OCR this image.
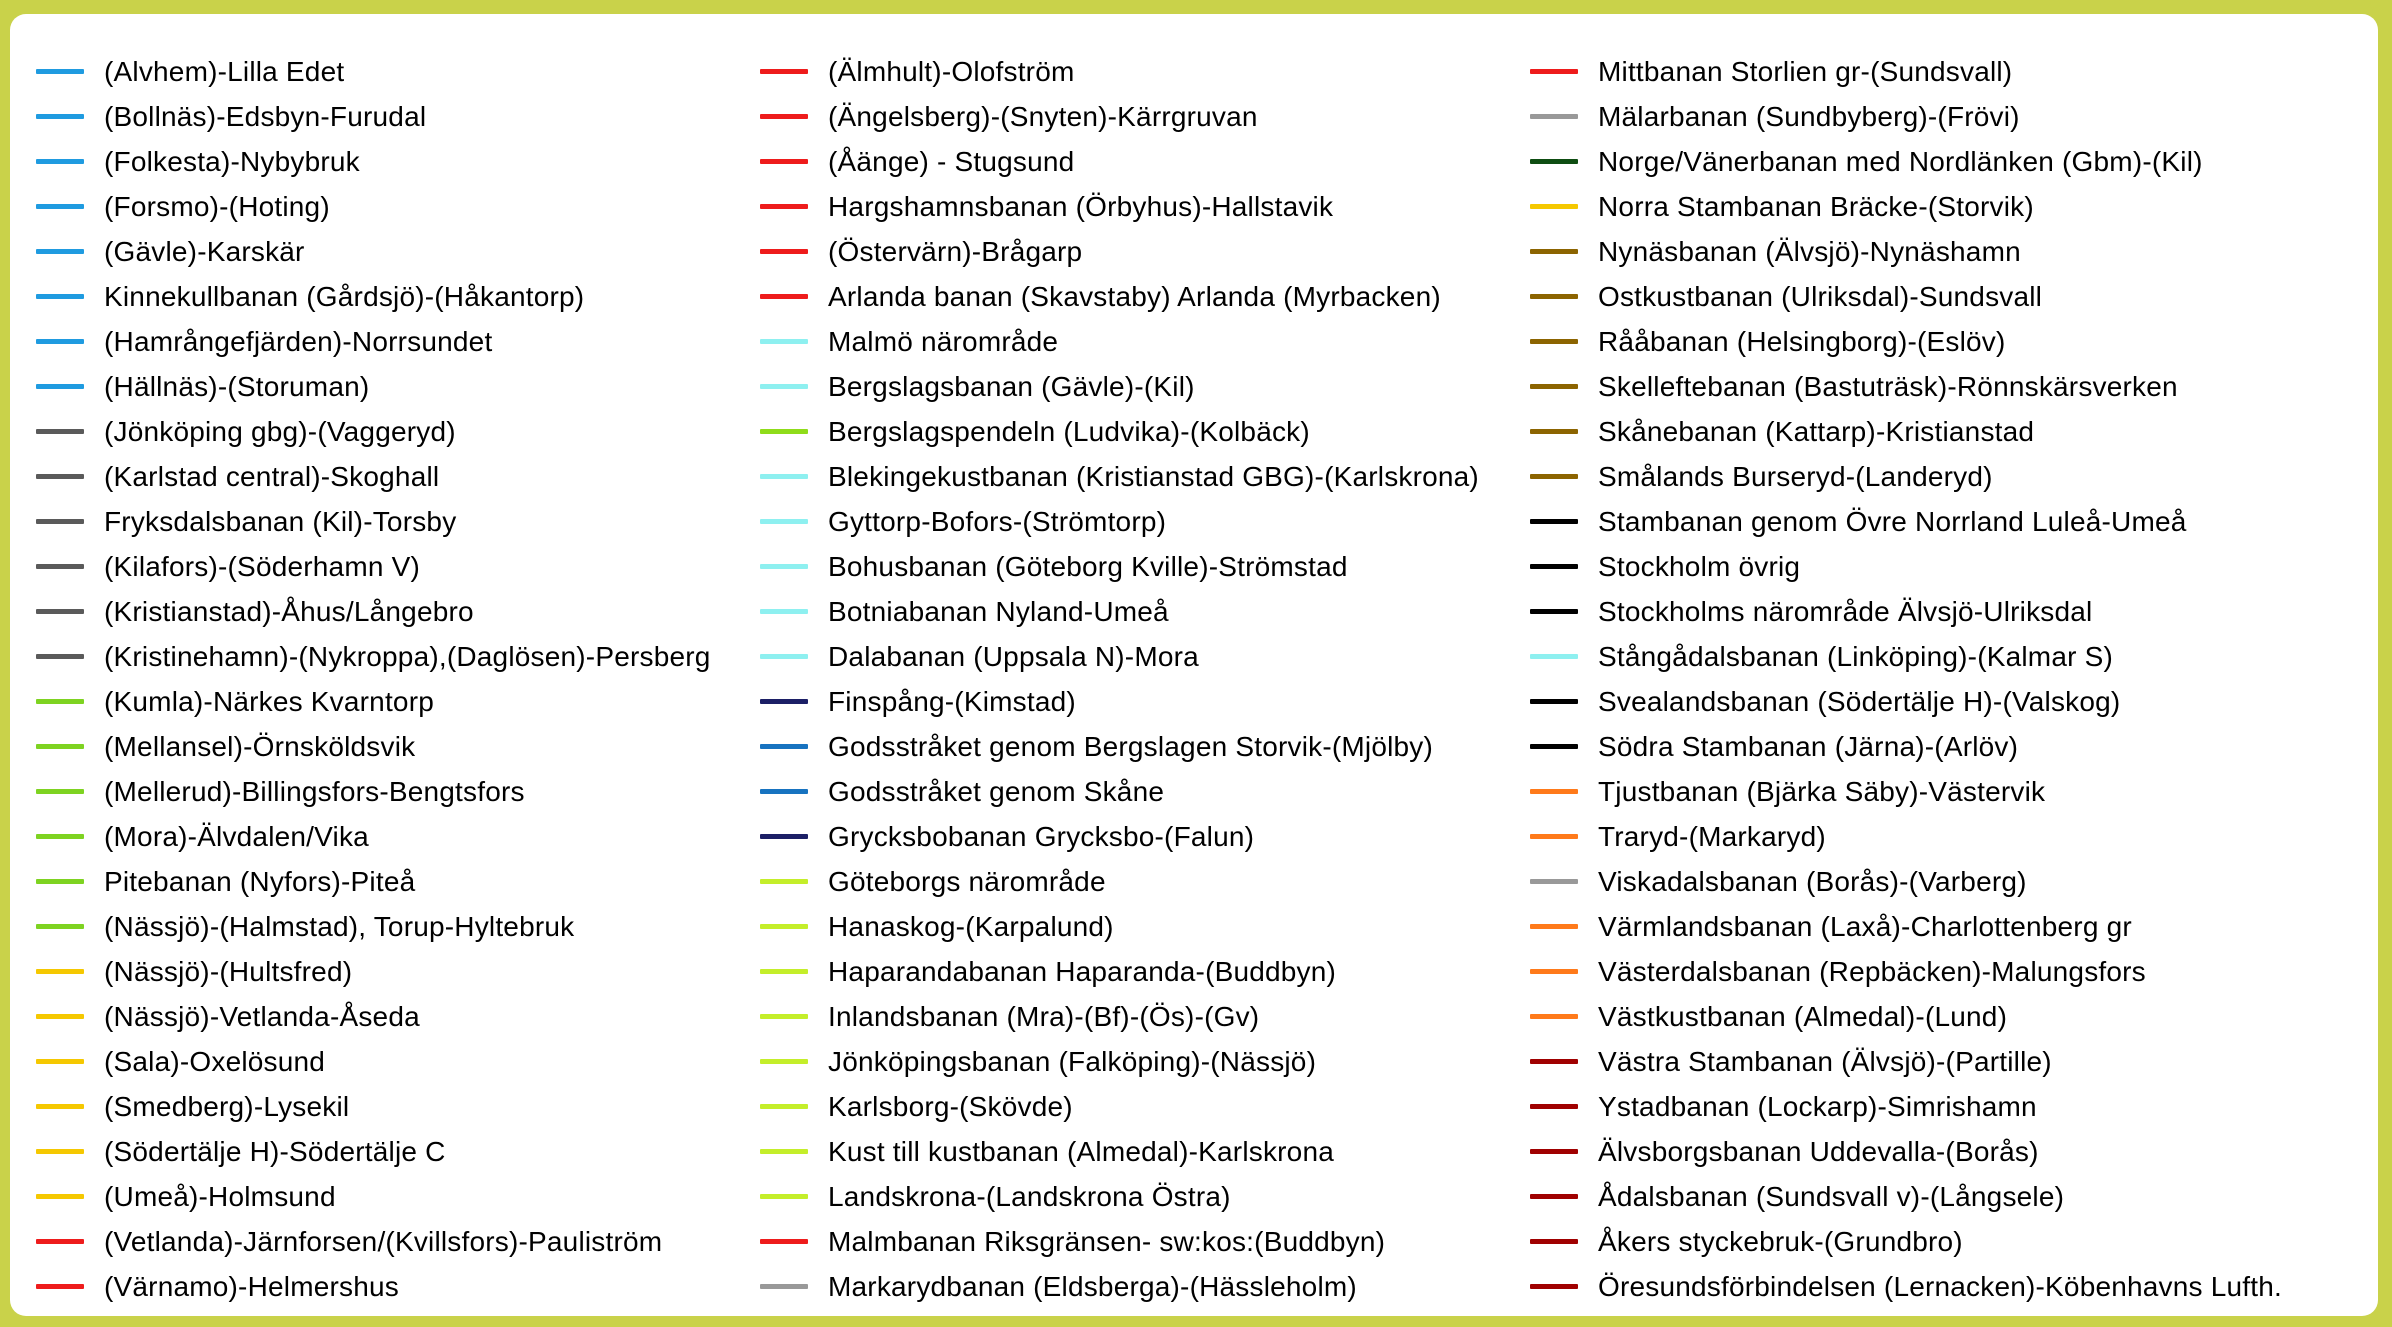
(Alvhem)-Lilla Edet
(Bollnäs)-Edsbyn-Furudal
(Folkesta)-Nybybruk
(Forsmo)-(Hoting)
(Gävle)-Karskär
Kinnekullbanan (Gårdsjö)-(Håkantorp)
(Hamrångefjärden)-Norrsundet
(Hällnäs)-(Storuman)
(Jönköping gbg)-(Vaggeryd)
(Karlstad central)-Skoghall
Fryksdalsbanan (Kil)-Torsby
(Kilafors)-(Söderhamn V)
(Kristianstad)-Åhus/Långebro
(Kristinehamn)-(Nykroppa),(Daglösen)-Persberg
(Kumla)-Närkes Kvarntorp
(Mellansel)-Örnsköldsvik
(Mellerud)-Billingsfors-Bengtsfors
(Mora)-Älvdalen/Vika
Pitebanan (Nyfors)-Piteå
(Nässjö)-(Halmstad), Torup-Hyltebruk
(Nässjö)-(Hultsfred)
(Nässjö)-Vetlanda-Åseda
(Sala)-Oxelösund
(Smedberg)-Lysekil
(Södertälje H)-Södertälje C
(Umeå)-Holmsund
(Vetlanda)-Järnforsen/(Kvillsfors)-Pauliström
(Värnamo)-Helmershus
(Älmhult)-Olofström
(Ängelsberg)-(Snyten)-Kärrgruvan
(Åänge) - Stugsund
Hargshamnsbanan (Örbyhus)-Hallstavik
(Östervärn)-Brågarp
Arlanda banan (Skavstaby) Arlanda (Myrbacken)
Malmö närområde
Bergslagsbanan (Gävle)-(Kil)
Bergslagspendeln (Ludvika)-(Kolbäck)
Blekingekustbanan (Kristianstad GBG)-(Karlskrona)
Gyttorp-Bofors-(Strömtorp)
Bohusbanan (Göteborg Kville)-Strömstad
Botniabanan Nyland-Umeå
Dalabanan (Uppsala N)-Mora
Finspång-(Kimstad)
Godsstråket genom Bergslagen Storvik-(Mjölby)
Godsstråket genom Skåne
Grycksbobanan Grycksbo-(Falun)
Göteborgs närområde
Hanaskog-(Karpalund)
Haparandabanan Haparanda-(Buddbyn)
Inlandsbanan (Mra)-(Bf)-(Ös)-(Gv)
Jönköpingsbanan (Falköping)-(Nässjö)
Karlsborg-(Skövde)
Kust till kustbanan (Almedal)-Karlskrona
Landskrona-(Landskrona Östra)
Malmbanan Riksgränsen- sw:kos:(Buddbyn)
Markarydbanan (Eldsberga)-(Hässleholm)
Mittbanan Storlien gr-(Sundsvall)
Mälarbanan (Sundbyberg)-(Frövi)
Norge/Vänerbanan med Nordlänken (Gbm)-(Kil)
Norra Stambanan Bräcke-(Storvik)
Nynäsbanan (Älvsjö)-Nynäshamn
Ostkustbanan (Ulriksdal)-Sundsvall
Rååbanan (Helsingborg)-(Eslöv)
Skelleftebanan (Bastuträsk)-Rönnskärsverken
Skånebanan (Kattarp)-Kristianstad
Smålands Burseryd-(Landeryd)
Stambanan genom Övre Norrland Luleå-Umeå
Stockholm övrig
Stockholms närområde Älvsjö-Ulriksdal
Stångådalsbanan (Linköping)-(Kalmar S)
Svealandsbanan (Södertälje H)-(Valskog)
Södra Stambanan (Järna)-(Arlöv)
Tjustbanan (Bjärka Säby)-Västervik
Traryd-(Markaryd)
Viskadalsbanan (Borås)-(Varberg)
Värmlandsbanan (Laxå)-Charlottenberg gr
Västerdalsbanan (Repbäcken)-Malungsfors
Västkustbanan (Almedal)-(Lund)
Västra Stambanan (Älvsjö)-(Partille)
Ystadbanan (Lockarp)-Simrishamn
Älvsborgsbanan Uddevalla-(Borås)
Ådalsbanan (Sundsvall v)-(Långsele)
Åkers styckebruk-(Grundbro)
Öresundsförbindelsen (Lernacken)-Köbenhavns Lufth.
